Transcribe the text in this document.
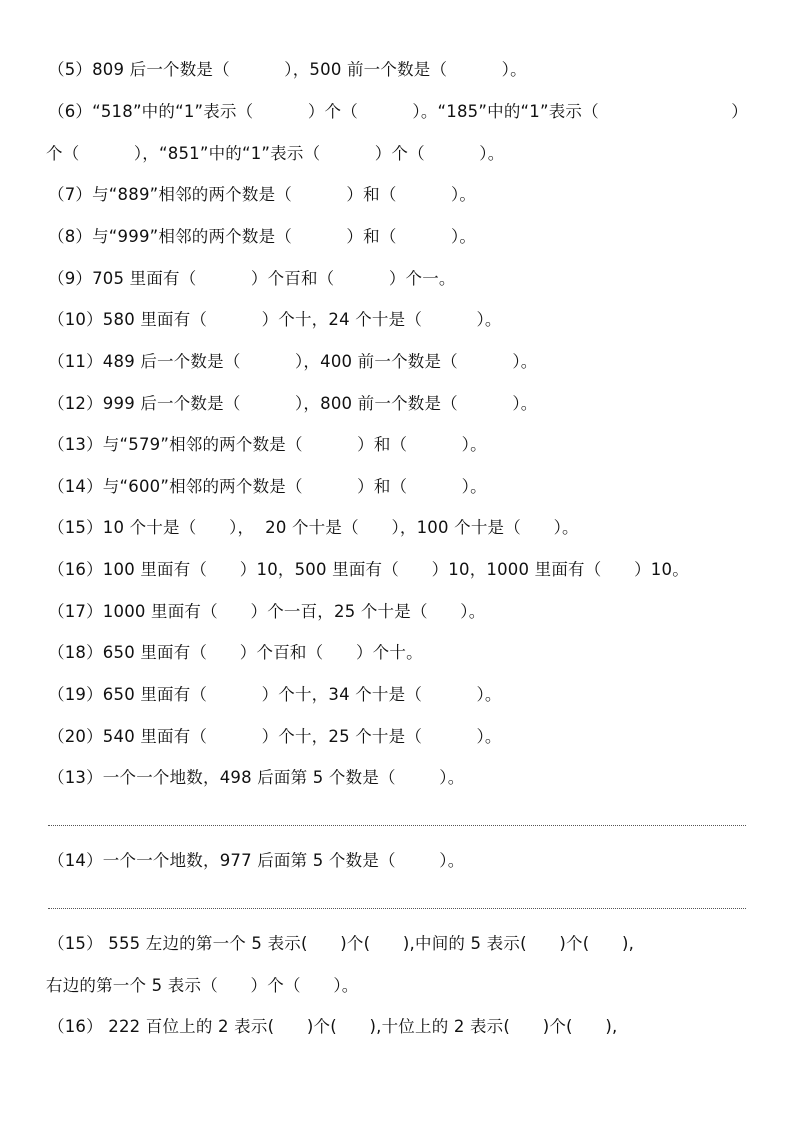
（5）809 后一个数是（          ），500 前一个数是（          ）。
（6）“518”中的“1”表示（          ）个（          ）。“185”中的“1”表示（	）
个（          ），“851”中的“1”表示（          ）个（          ）。
（7）与“889”相邻的两个数是（          ）和（          ）。
（8）与“999”相邻的两个数是（          ）和（          ）。
（9）705 里面有（          ）个百和（          ）个一。
（10）580 里面有（          ）个十，24 个十是（          ）。
（11）489 后一个数是（          ），400 前一个数是（          ）。
（12）999 后一个数是（          ），800 前一个数是（          ）。
（13）与“579”相邻的两个数是（          ）和（          ）。
（14）与“600”相邻的两个数是（          ）和（          ）。
（15）10 个十是（      ），  20 个十是（      ），100 个十是（      ）。
（16）100 里面有（      ）10，500 里面有（      ）10，1000 里面有（      ）10。
（17）1000 里面有（      ）个一百，25 个十是（      ）。
（18）650 里面有（      ）个百和（      ）个十。
（19）650 里面有（          ）个十，34 个十是（          ）。
（20）540 里面有（          ）个十，25 个十是（          ）。
（13）一个一个地数，498 后面第 5 个数是（        ）。
（14）一个一个地数，977 后面第 5 个数是（        ）。
（15） 555 左边的第一个 5 表示(      )个(      ),中间的 5 表示(      )个(      ),
右边的第一个 5 表示（      ）个（      ）。
（16） 222 百位上的 2 表示(      )个(      ),十位上的 2 表示(      )个(      ),
